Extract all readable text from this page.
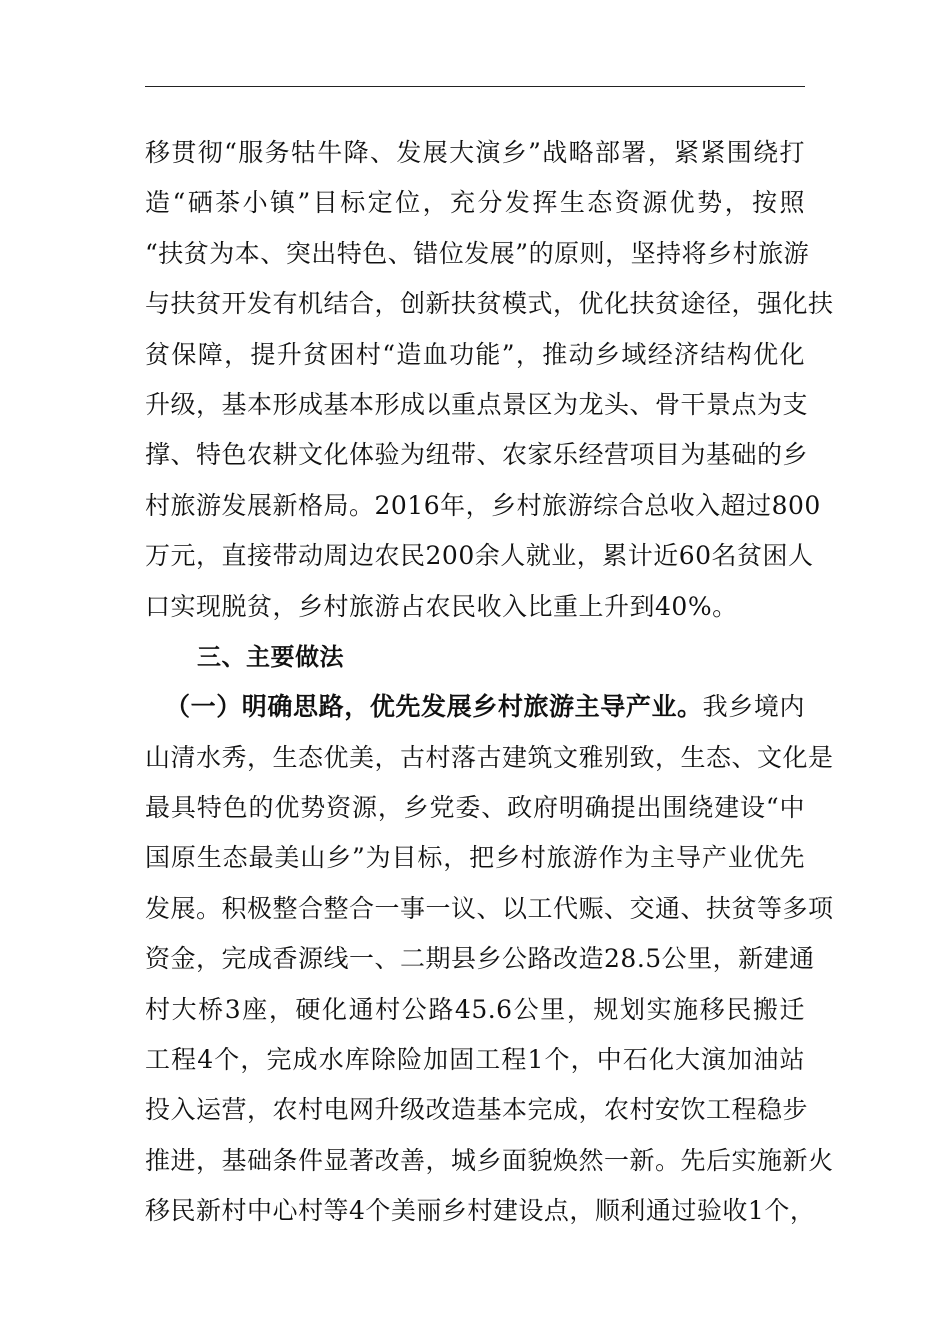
移贯彻“服务牯牛降、发展大演乡”战略部署，紧紧围绕打
造“硒茶小镇”目标定位，充分发挥生态资源优势，按照
“扶贫为本、突出特色、错位发展”的原则，坚持将乡村旅游
与扶贫开发有机结合，创新扶贫模式，优化扶贫途径，强化扶
贫保障，提升贫困村“造血功能”，推动乡域经济结构优化
升级，基本形成基本形成以重点景区为龙头、骨干景点为支
撑、特色农耕文化体验为纽带、农家乐经营项目为基础的乡
村旅游发展新格局。2016年，乡村旅游综合总收入超过800
万元，直接带动周边农民200余人就业，累计近60名贫困人
口实现脱贫，乡村旅游占农民收入比重上升到40%。
三、主要做法
（一）明确思路，优先发展乡村旅游主导产业。我乡境内
山清水秀，生态优美，古村落古建筑文雅别致，生态、文化是
最具特色的优势资源，乡党委、政府明确提出围绕建设“中
国原生态最美山乡”为目标，把乡村旅游作为主导产业优先
发展。积极整合整合一事一议、以工代赈、交通、扶贫等多项
资金，完成香源线一、二期县乡公路改造28.5公里，新建通
村大桥3座，硬化通村公路45.6公里，规划实施移民搬迁
工程4个，完成水库除险加固工程1个，中石化大演加油站
投入运营，农村电网升级改造基本完成，农村安饮工程稳步
推进，基础条件显著改善，城乡面貌焕然一新。先后实施新火
移民新村中心村等4个美丽乡村建设点，顺利通过验收1个，
